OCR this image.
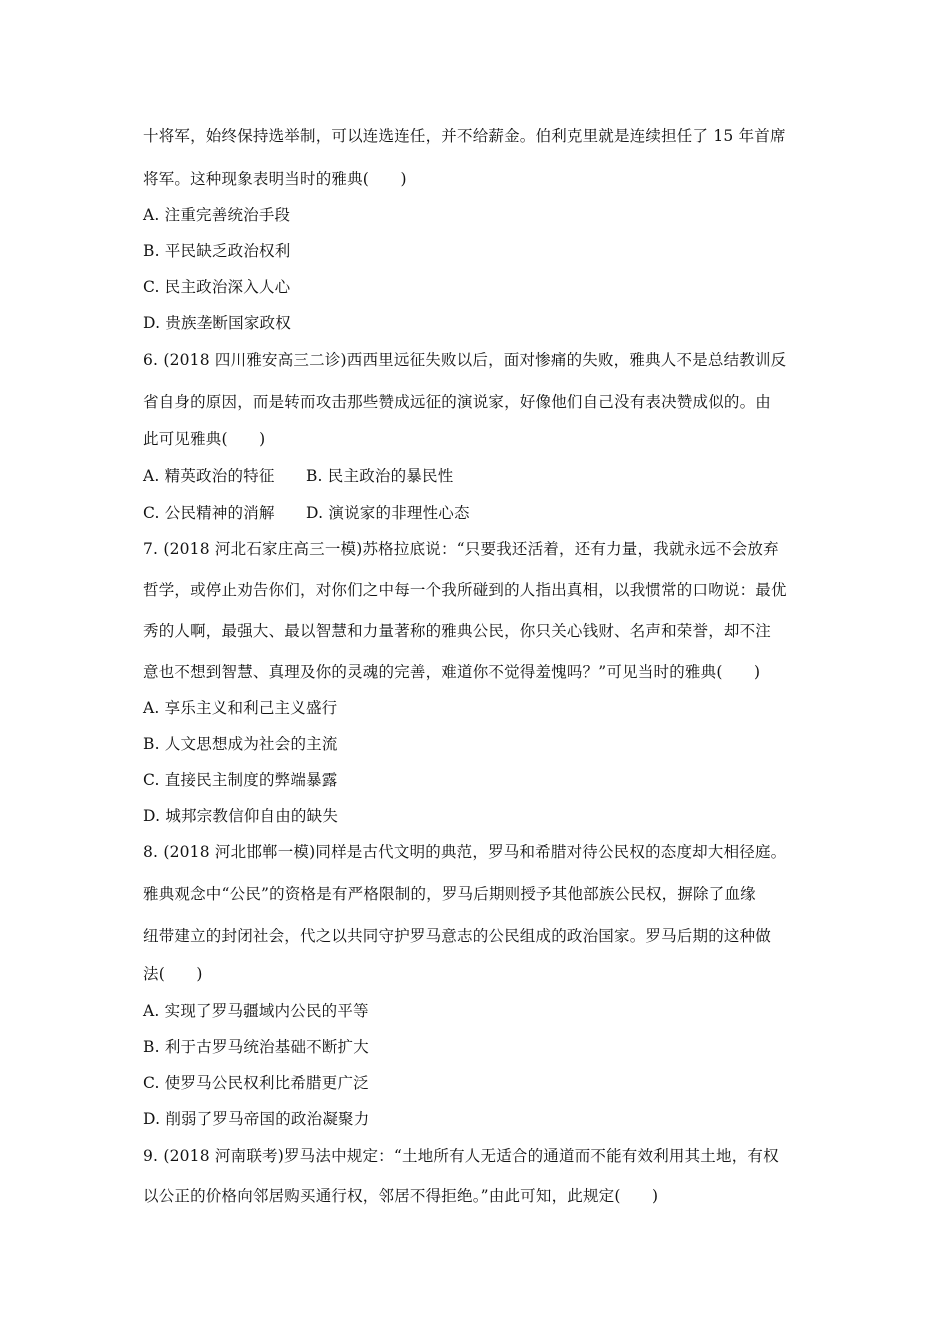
十将军，始终保持选举制，可以连选连任，并不给薪金。伯利克里就是连续担任了 15 年首席
将军。这种现象表明当时的雅典(　　)
A. 注重完善统治手段
B. 平民缺乏政治权利
C. 民主政治深入人心
D. 贵族垄断国家政权
6. (2018 四川雅安高三二诊)西西里远征失败以后，面对惨痛的失败，雅典人不是总结教训反
省自身的原因，而是转而攻击那些赞成远征的演说家，好像他们自己没有表决赞成似的。由
此可见雅典(　　)
A. 精英政治的特征　　B. 民主政治的暴民性
C. 公民精神的消解　　D. 演说家的非理性心态
7. (2018 河北石家庄高三一模)苏格拉底说：“只要我还活着，还有力量，我就永远不会放弃
哲学，或停止劝告你们，对你们之中每一个我所碰到的人指出真相，以我惯常的口吻说：最优
秀的人啊，最强大、最以智慧和力量著称的雅典公民，你只关心钱财、名声和荣誉，却不注
意也不想到智慧、真理及你的灵魂的完善，难道你不觉得羞愧吗？”可见当时的雅典(　　)
A. 享乐主义和利己主义盛行
B. 人文思想成为社会的主流
C. 直接民主制度的弊端暴露
D. 城邦宗教信仰自由的缺失
8. (2018 河北邯郸一模)同样是古代文明的典范，罗马和希腊对待公民权的态度却大相径庭。
雅典观念中“公民”的资格是有严格限制的，罗马后期则授予其他部族公民权，摒除了血缘
纽带建立的封闭社会，代之以共同守护罗马意志的公民组成的政治国家。罗马后期的这种做
法(　　)
A. 实现了罗马疆域内公民的平等
B. 利于古罗马统治基础不断扩大
C. 使罗马公民权利比希腊更广泛
D. 削弱了罗马帝国的政治凝聚力
9. (2018 河南联考)罗马法中规定：“土地所有人无适合的通道而不能有效利用其土地，有权
以公正的价格向邻居购买通行权，邻居不得拒绝。”由此可知，此规定(　　)
